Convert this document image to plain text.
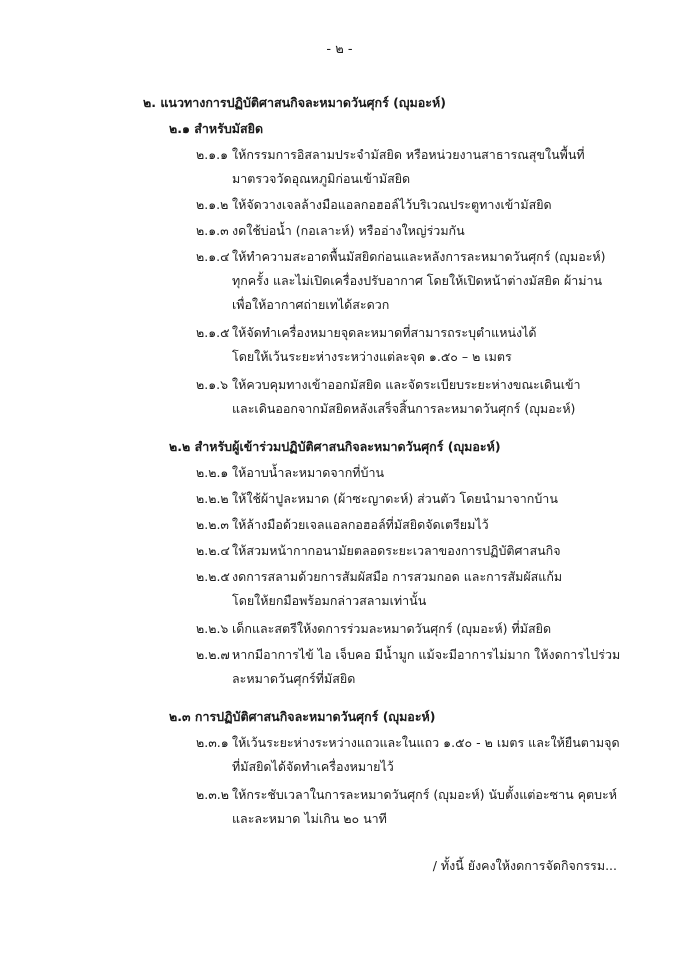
- ๒ -
๒. แนวทางการปฏิบัติศาสนกิจละหมาดวันศุกร์ (ญุมอะห์)
๒.๑ สำหรับมัสยิด
๒.๑.๑ ให้กรรมการอิสลามประจำมัสยิด หรือหน่วยงานสาธารณสุขในพื้นที่
มาตรวจวัดอุณหภูมิก่อนเข้ามัสยิด
๒.๑.๒ ให้จัดวางเจลล้างมือแอลกอฮอล์ไว้บริเวณประตูทางเข้ามัสยิด
๒.๑.๓ งดใช้บ่อน้ำ (กอเลาะห์) หรืออ่างใหญ่ร่วมกัน
๒.๑.๔ ให้ทำความสะอาดพื้นมัสยิดก่อนและหลังการละหมาดวันศุกร์ (ญุมอะห์)
ทุกครั้ง และไม่เปิดเครื่องปรับอากาศ โดยให้เปิดหน้าต่างมัสยิด ผ้าม่าน
เพื่อให้อากาศถ่ายเทได้สะดวก
๒.๑.๕ ให้จัดทำเครื่องหมายจุดละหมาดที่สามารถระบุตำแหน่งได้
โดยให้เว้นระยะห่างระหว่างแต่ละจุด ๑.๕๐ – ๒ เมตร
๒.๑.๖ ให้ควบคุมทางเข้าออกมัสยิด และจัดระเบียบระยะห่างขณะเดินเข้า
และเดินออกจากมัสยิดหลังเสร็จสิ้นการละหมาดวันศุกร์ (ญุมอะห์)
๒.๒ สำหรับผู้เข้าร่วมปฏิบัติศาสนกิจละหมาดวันศุกร์ (ญุมอะห์)
๒.๒.๑ ให้อาบน้ำละหมาดจากที่บ้าน
๒.๒.๒ ให้ใช้ผ้าปูละหมาด (ผ้าซะญาดะห์) ส่วนตัว โดยนำมาจากบ้าน
๒.๒.๓ ให้ล้างมือด้วยเจลแอลกอฮอล์ที่มัสยิดจัดเตรียมไว้
๒.๒.๔ ให้สวมหน้ากากอนามัยตลอดระยะเวลาของการปฏิบัติศาสนกิจ
๒.๒.๕ งดการสลามด้วยการสัมผัสมือ การสวมกอด และการสัมผัสแก้ม
โดยให้ยกมือพร้อมกล่าวสลามเท่านั้น
๒.๒.๖ เด็กและสตรีให้งดการร่วมละหมาดวันศุกร์ (ญุมอะห์) ที่มัสยิด
๒.๒.๗ หากมีอาการไข้ ไอ เจ็บคอ มีน้ำมูก แม้จะมีอาการไม่มาก ให้งดการไปร่วม
ละหมาดวันศุกร์ที่มัสยิด
๒.๓ การปฏิบัติศาสนกิจละหมาดวันศุกร์ (ญุมอะห์)
๒.๓.๑ ให้เว้นระยะห่างระหว่างแถวและในแถว ๑.๕๐ - ๒ เมตร และให้ยืนตามจุด
ที่มัสยิดได้จัดทำเครื่องหมายไว้
๒.๓.๒ ให้กระชับเวลาในการละหมาดวันศุกร์ (ญุมอะห์) นับตั้งแต่อะซาน คุตบะห์
และละหมาด ไม่เกิน ๒๐ นาที
/ ทั้งนี้ ยังคงให้งดการจัดกิจกรรม...
